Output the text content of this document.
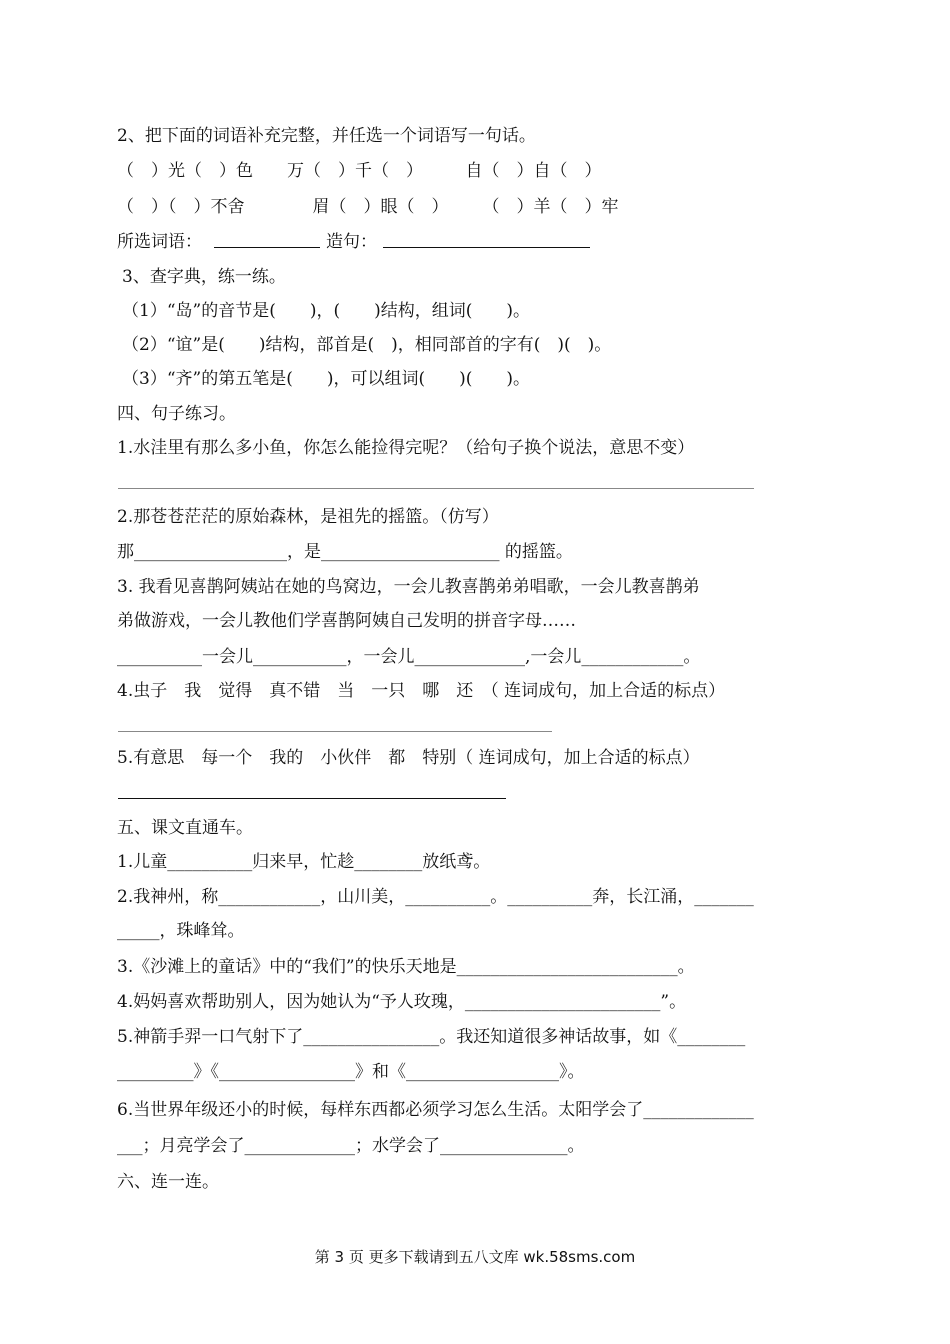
2、把下面的词语补充完整，并任选一个词语写一句话。
（　）光（　）色　　万（　）千（　）　　　自（　）自（　）
（　）（　）不舍　　　　眉（　）眼（　）　　　（　）羊（　）牢
所选词语：	造句：
3、查字典，练一练。
（1）“岛”的音节是(　　)，(　　)结构，组词(　　)。
（2）“谊”是(　　)结构，部首是(　)，相同部首的字有(　)(　)。
（3）“齐”的第五笔是(　　)，可以组词(　　)(　　)。
四、句子练习。
1.水洼里有那么多小鱼，你怎么能捡得完呢？（给句子换个说法，意思不变）
2.那苍苍茫茫的原始森林，是祖先的摇篮。（仿写）
那__________________，是_____________________ 的摇篮。
3. 我看见喜鹊阿姨站在她的鸟窝边，一会儿教喜鹊弟弟唱歌，一会儿教喜鹊弟
弟做游戏，一会儿教他们学喜鹊阿姨自己发明的拼音字母……
__________一会儿___________，一会儿_____________,一会儿____________。
4.虫子　我　觉得　真不错　当　一只　哪　还　（ 连词成句，加上合适的标点）
5.有意思　每一个　我的　小伙伴　都　特别（ 连词成句，加上合适的标点）
五、课文直通车。
1.儿童__________归来早，忙趁________放纸鸢。
2.我神州，称____________，山川美，__________。__________奔，长江涌，_______
_____，珠峰耸。
3.《沙滩上的童话》中的“我们”的快乐天地是__________________________。
4.妈妈喜欢帮助别人，因为她认为“予人玫瑰，_______________________”。
5.神箭手羿一口气射下了________________。我还知道很多神话故事，如《________
_________》《________________》和《__________________》。
6.当世界年级还小的时候，每样东西都必须学习怎么生活。太阳学会了_____________
___；月亮学会了_____________；水学会了_______________。
六、连一连。
第 3 页 更多下载请到五八文库 wk.58sms.com
